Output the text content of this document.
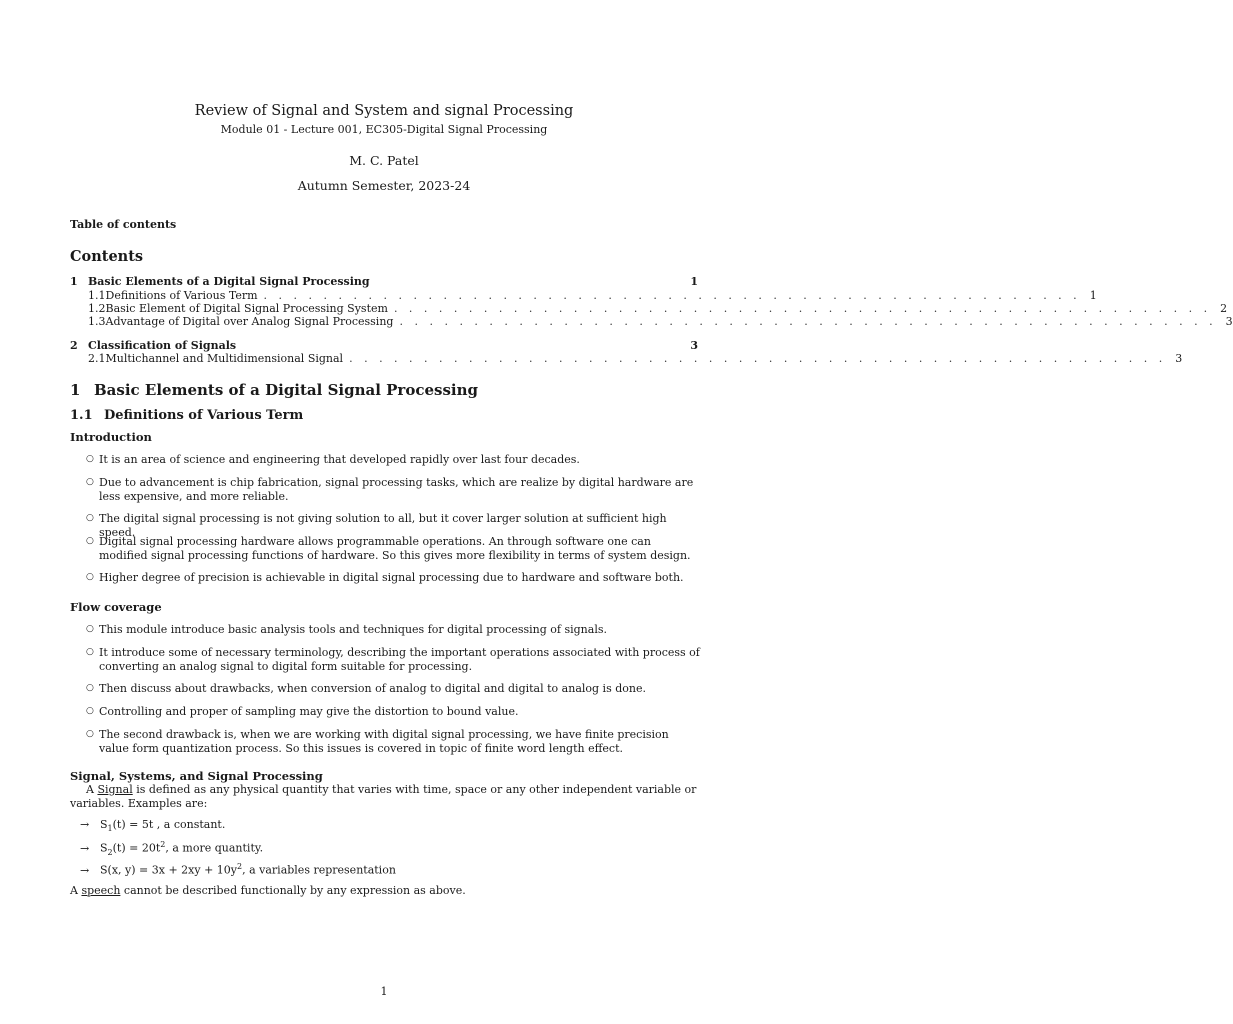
Review of Signal and System and signal Processing
Module 01 - Lecture 001, EC305-Digital Signal Processing
M. C. Patel
Autumn Semester, 2023-24
Table of contents
Contents
1 Basic Elements of a Digital Signal Processing	1
1.1 Definitions of Various Term . . . . . . . . . . . . . . . . . . . . . . . . . . . . . . . . . . . . . . . . . . . . . . . . . . . . . . . 1
1.2 Basic Element of Digital Signal Processing System . . . . . . . . . . . . . . . . . . . . . . . . . . . . . . . . . . . . . . . . . . . . . . . . . . . . . . . 2
1.3 Advantage of Digital over Analog Signal Processing . . . . . . . . . . . . . . . . . . . . . . . . . . . . . . . . . . . . . . . . . . . . . . . . . . . . . . . 3
2 Classification of Signals	3
2.1 Multichannel and Multidimensional Signal . . . . . . . . . . . . . . . . . . . . . . . . . . . . . . . . . . . . . . . . . . . . . . . . . . . . . . . 3
1 Basic Elements of a Digital Signal Processing
1.1 Definitions of Various Term
Introduction
○ It is an area of science and engineering that developed rapidly over last four decades.
○ Due to advancement is chip fabrication, signal processing tasks, which are realize by digital hardware are less expensive, and more reliable.
○ The digital signal processing is not giving solution to all, but it cover larger solution at sufficient high speed.
○ Digital signal processing hardware allows programmable operations. An through software one can modified signal processing functions of hardware. So this gives more flexibility in terms of system design.
○ Higher degree of precision is achievable in digital signal processing due to hardware and software both.
Flow coverage
○ This module introduce basic analysis tools and techniques for digital processing of signals.
○ It introduce some of necessary terminology, describing the important operations associated with process of converting an analog signal to digital form suitable for processing.
○ Then discuss about drawbacks, when conversion of analog to digital and digital to analog is done.
○ Controlling and proper of sampling may give the distortion to bound value.
○ The second drawback is, when we are working with digital signal processing, we have finite precision value form quantization process. So this issues is covered in topic of finite word length effect.
Signal, Systems, and Signal Processing
A Signal is defined as any physical quantity that varies with time, space or any other independent variable or variables. Examples are:
→ $S_1(t) = 5t$ , a constant.
→ $S_2(t) = 20t^2$, a more quantity.
→ S(x, $y) = 3x + 2xy + 10y^2$, a variables representation
A speech cannot be described functionally by any expression as above.
1
